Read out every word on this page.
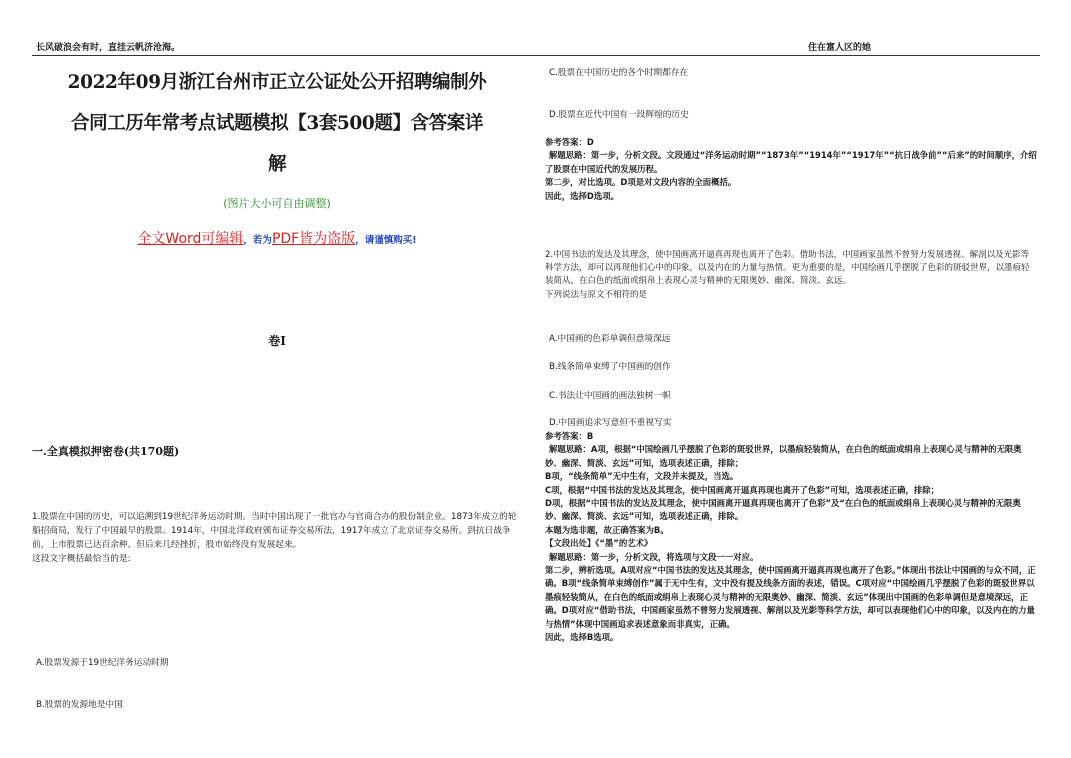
长风破浪会有时，直挂云帆济沧海。	住在富人区的她
2022年09月浙江台州市正立公证处公开招聘编制外
合同工历年常考点试题模拟【3套500题】含答案详
解
(图片大小可自由调整)
全文Word可编辑，若为PDF皆为盗版，请谨慎购买!
卷I
一.全真模拟押密卷(共170题)
1.股票在中国的历史，可以追溯到19世纪洋务运动时期。当时中国出现了一批官办与官商合办的股份制企业。1873年成立的轮船招商局，发行了中国最早的股票。1914年，中国北洋政府颁布证券交易所法，1917年成立了北京证券交易所。到抗日战争前，上市股票已达百余种。但后来几经挫折，股市始终没有发展起来。
这段文字概括最恰当的是:
A.股票发源于19世纪洋务运动时期
B.股票的发源地是中国
C.股票在中国历史的各个时期都存在
D.股票在近代中国有一段辉煌的历史

参考答案：D

解题思路：第一步，分析文段。文段通过“洋务运动时期”“1873年”“1914年”“1917年”“抗日战争前”“后来”的时间顺序，介绍了股票在中国近代的发展历程。

第二步，对比选项。D项是对文段内容的全面概括。

因此，选择D选项。

2.中国书法的发达及其理念，使中国画离开逼真再现也离开了色彩。借助书法，中国画家虽然不曾努力发展透视、解剖以及光影等科学方法，却可以再现他们心中的印象，以及内在的力量与热情。更为重要的是，中国绘画几乎摆脱了色彩的斑驳世界，以墨痕轻装简从，在白色的纸面或绢帛上表现心灵与精神的无限奥妙、幽深、简淡、玄远。
下列说法与原文不相符的是
A.中国画的色彩单调但意境深远
B.线条简单束缚了中国画的创作
C.书法让中国画的画法独树一帜
D.中国画追求写意但不重视写实

参考答案：B

解题思路：A项，根据“中国绘画几乎摆脱了色彩的斑驳世界，以墨痕轻装简从，在白色的纸面或绢帛上表现心灵与精神的无限奥妙、幽深、简淡、玄远”可知，选项表述正确，排除；

B项，“线条简单”无中生有，文段并未提及，当选。

C项，根据“中国书法的发达及其理念，使中国画离开逼真再现也离开了色彩”可知，选项表述正确，排除；

D项，根据“中国书法的发达及其理念，使中国画离开逼真再现也离开了色彩”及“在白色的纸面或绢帛上表现心灵与精神的无限奥妙、幽深、简淡、玄远”可知，选项表述正确，排除。

本题为选非题，故正确答案为B。

【文段出处】《“墨”的艺术》

解题思路：第一步，分析文段，将选项与文段一一对应。

第二步，辨析选项。A项对应“中国书法的发达及其理念，使中国画离开逼真再现也离开了色彩。”体现出书法让中国画的与众不同，正确。B项“线条简单束缚创作”属于无中生有，文中没有提及线条方面的表述，错误。C项对应“中国绘画几乎摆脱了色彩的斑驳世界以墨痕轻装简从，在白色的纸面或绢帛上表现心灵与精神的无限奥妙、幽深、简淡、玄远”体现出中国画的色彩单调但是意境深远，正确。D项对应“借助书法，中国画家虽然不曾努力发展透视、解剖以及光影等科学方法，却可以表现他们心中的印象，以及内在的力量与热情”体现中国画追求表述意象而非真实，正确。

因此，选择B选项。
